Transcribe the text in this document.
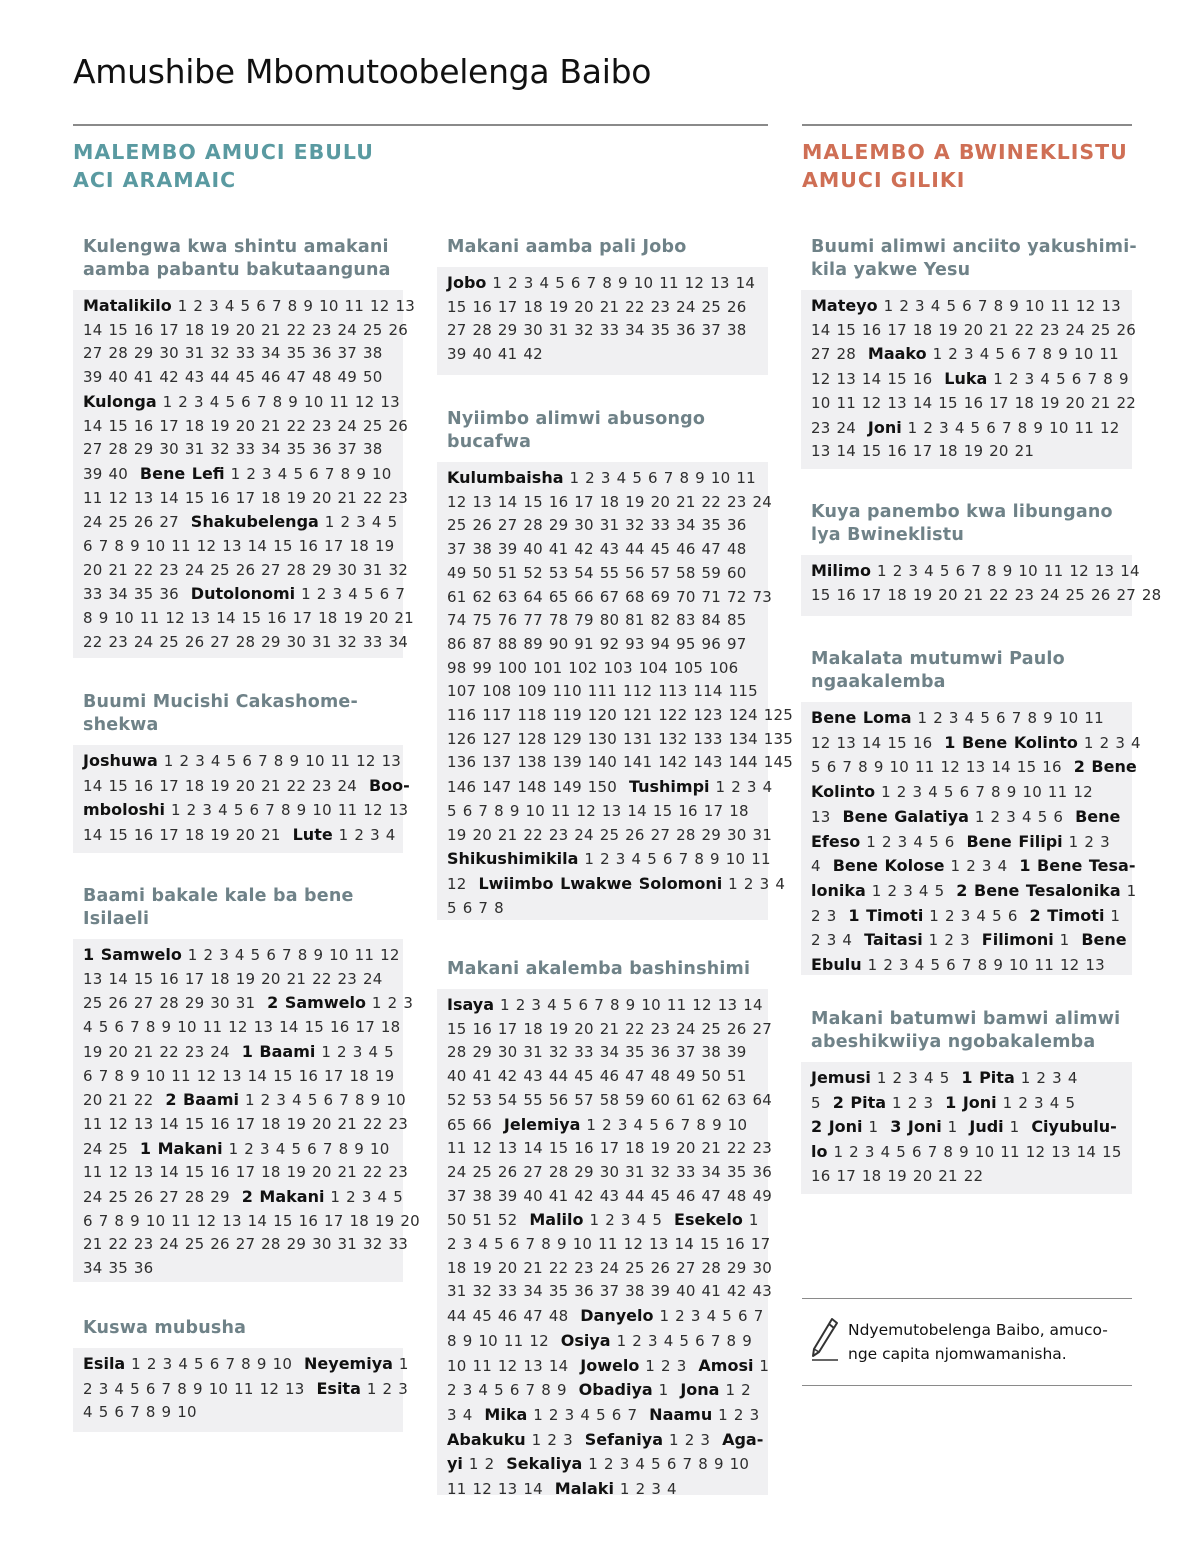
Amushibe Mbomutoobelenga Baibo
MALEMBO AMUCI EBULU
ACI ARAMAIC
MALEMBO A BWINEKLISTU
AMUCI GILIKI
Kulengwa kwa shintu amakani
aamba pabantu bakutaanguna
Buumi Mucishi Cakashome-
shekwa
Baami bakale kale ba bene
Isilaeli
Kuswa mubusha
Makani aamba pali Jobo
Nyiimbo alimwi abusongo
bucafwa
Makani akalemba bashinshimi
Buumi alimwi anciito yakushimi-
kila yakwe Yesu
Kuya panembo kwa libungano
lya Bwineklistu
Makalata mutumwi Paulo
ngaakalemba
Makani batumwi bamwi alimwi
abeshikwiiya ngobakalemba
Matalikilo 1 2 3 4 5 6 7 8 9 10 11 12 13
14 15 16 17 18 19 20 21 22 23 24 25 26
27 28 29 30 31 32 33 34 35 36 37 38
39 40 41 42 43 44 45 46 47 48 49 50
Kulonga 1 2 3 4 5 6 7 8 9 10 11 12 13
14 15 16 17 18 19 20 21 22 23 24 25 26
27 28 29 30 31 32 33 34 35 36 37 38
39 40  Bene Lefi 1 2 3 4 5 6 7 8 9 10
11 12 13 14 15 16 17 18 19 20 21 22 23
24 25 26 27  Shakubelenga 1 2 3 4 5
6 7 8 9 10 11 12 13 14 15 16 17 18 19
20 21 22 23 24 25 26 27 28 29 30 31 32
33 34 35 36  Dutolonomi 1 2 3 4 5 6 7
8 9 10 11 12 13 14 15 16 17 18 19 20 21
22 23 24 25 26 27 28 29 30 31 32 33 34
Joshuwa 1 2 3 4 5 6 7 8 9 10 11 12 13
14 15 16 17 18 19 20 21 22 23 24  Boo-
mboloshi 1 2 3 4 5 6 7 8 9 10 11 12 13
14 15 16 17 18 19 20 21  Lute 1 2 3 4
1 Samwelo 1 2 3 4 5 6 7 8 9 10 11 12
13 14 15 16 17 18 19 20 21 22 23 24
25 26 27 28 29 30 31  2 Samwelo 1 2 3
4 5 6 7 8 9 10 11 12 13 14 15 16 17 18
19 20 21 22 23 24  1 Baami 1 2 3 4 5
6 7 8 9 10 11 12 13 14 15 16 17 18 19
20 21 22  2 Baami 1 2 3 4 5 6 7 8 9 10
11 12 13 14 15 16 17 18 19 20 21 22 23
24 25  1 Makani 1 2 3 4 5 6 7 8 9 10
11 12 13 14 15 16 17 18 19 20 21 22 23
24 25 26 27 28 29  2 Makani 1 2 3 4 5
6 7 8 9 10 11 12 13 14 15 16 17 18 19 20
21 22 23 24 25 26 27 28 29 30 31 32 33
34 35 36
Esila 1 2 3 4 5 6 7 8 9 10  Neyemiya 1
2 3 4 5 6 7 8 9 10 11 12 13  Esita 1 2 3
4 5 6 7 8 9 10
Jobo 1 2 3 4 5 6 7 8 9 10 11 12 13 14
15 16 17 18 19 20 21 22 23 24 25 26
27 28 29 30 31 32 33 34 35 36 37 38
39 40 41 42
Kulumbaisha 1 2 3 4 5 6 7 8 9 10 11
12 13 14 15 16 17 18 19 20 21 22 23 24
25 26 27 28 29 30 31 32 33 34 35 36
37 38 39 40 41 42 43 44 45 46 47 48
49 50 51 52 53 54 55 56 57 58 59 60
61 62 63 64 65 66 67 68 69 70 71 72 73
74 75 76 77 78 79 80 81 82 83 84 85
86 87 88 89 90 91 92 93 94 95 96 97
98 99 100 101 102 103 104 105 106
107 108 109 110 111 112 113 114 115
116 117 118 119 120 121 122 123 124 125
126 127 128 129 130 131 132 133 134 135
136 137 138 139 140 141 142 143 144 145
146 147 148 149 150  Tushimpi 1 2 3 4
5 6 7 8 9 10 11 12 13 14 15 16 17 18
19 20 21 22 23 24 25 26 27 28 29 30 31
Shikushimikila 1 2 3 4 5 6 7 8 9 10 11
12  Lwiimbo Lwakwe Solomoni 1 2 3 4
5 6 7 8
Isaya 1 2 3 4 5 6 7 8 9 10 11 12 13 14
15 16 17 18 19 20 21 22 23 24 25 26 27
28 29 30 31 32 33 34 35 36 37 38 39
40 41 42 43 44 45 46 47 48 49 50 51
52 53 54 55 56 57 58 59 60 61 62 63 64
65 66  Jelemiya 1 2 3 4 5 6 7 8 9 10
11 12 13 14 15 16 17 18 19 20 21 22 23
24 25 26 27 28 29 30 31 32 33 34 35 36
37 38 39 40 41 42 43 44 45 46 47 48 49
50 51 52  Malilo 1 2 3 4 5  Esekelo 1
2 3 4 5 6 7 8 9 10 11 12 13 14 15 16 17
18 19 20 21 22 23 24 25 26 27 28 29 30
31 32 33 34 35 36 37 38 39 40 41 42 43
44 45 46 47 48  Danyelo 1 2 3 4 5 6 7
8 9 10 11 12  Osiya 1 2 3 4 5 6 7 8 9
10 11 12 13 14  Jowelo 1 2 3  Amosi 1
2 3 4 5 6 7 8 9  Obadiya 1  Jona 1 2
3 4  Mika 1 2 3 4 5 6 7  Naamu 1 2 3
Abakuku 1 2 3  Sefaniya 1 2 3  Aga-
yi 1 2  Sekaliya 1 2 3 4 5 6 7 8 9 10
11 12 13 14  Malaki 1 2 3 4
Mateyo 1 2 3 4 5 6 7 8 9 10 11 12 13
14 15 16 17 18 19 20 21 22 23 24 25 26
27 28  Maako 1 2 3 4 5 6 7 8 9 10 11
12 13 14 15 16  Luka 1 2 3 4 5 6 7 8 9
10 11 12 13 14 15 16 17 18 19 20 21 22
23 24  Joni 1 2 3 4 5 6 7 8 9 10 11 12
13 14 15 16 17 18 19 20 21
Milimo 1 2 3 4 5 6 7 8 9 10 11 12 13 14
15 16 17 18 19 20 21 22 23 24 25 26 27 28
Bene Loma 1 2 3 4 5 6 7 8 9 10 11
12 13 14 15 16  1 Bene Kolinto 1 2 3 4
5 6 7 8 9 10 11 12 13 14 15 16  2 Bene
Kolinto 1 2 3 4 5 6 7 8 9 10 11 12
13  Bene Galatiya 1 2 3 4 5 6  Bene
Efeso 1 2 3 4 5 6  Bene Filipi 1 2 3
4  Bene Kolose 1 2 3 4  1 Bene Tesa-
lonika 1 2 3 4 5  2 Bene Tesalonika 1
2 3  1 Timoti 1 2 3 4 5 6  2 Timoti 1
2 3 4  Taitasi 1 2 3  Filimoni 1  Bene
Ebulu 1 2 3 4 5 6 7 8 9 10 11 12 13
Jemusi 1 2 3 4 5  1 Pita 1 2 3 4
5  2 Pita 1 2 3  1 Joni 1 2 3 4 5
2 Joni 1  3 Joni 1  Judi 1  Ciyubulu-
lo 1 2 3 4 5 6 7 8 9 10 11 12 13 14 15
16 17 18 19 20 21 22
Ndyemutobelenga Baibo, amuco-
nge capita njomwamanisha.
